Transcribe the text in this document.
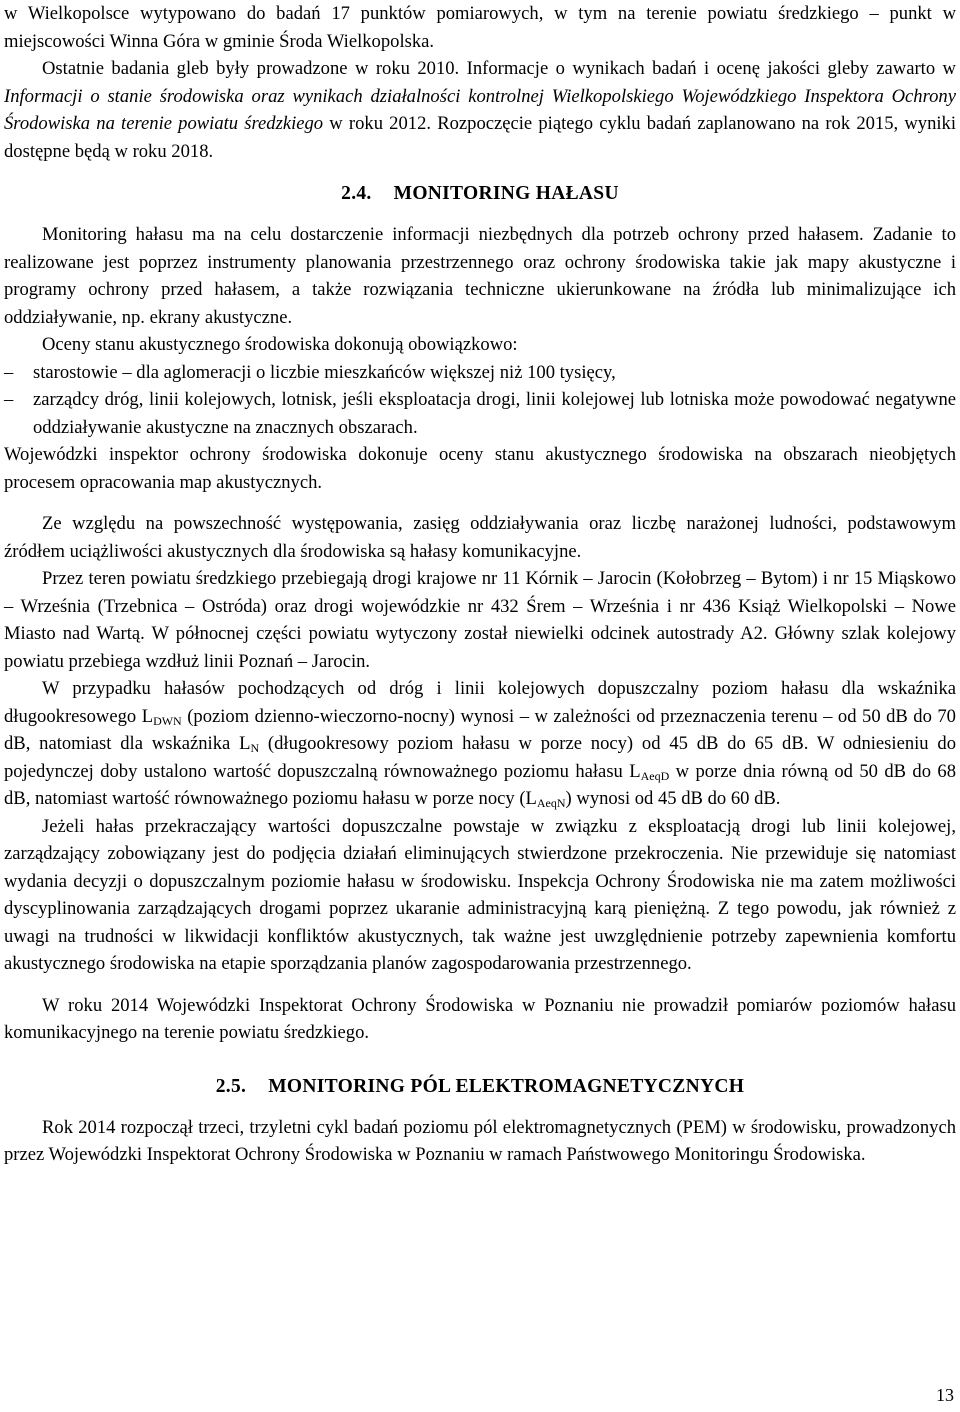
w Wielkopolsce wytypowano do badań 17 punktów pomiarowych, w tym na terenie powiatu średzkiego – punkt w miejscowości Winna Góra w gminie Środa Wielkopolska.

Ostatnie badania gleb były prowadzone w roku 2010. Informacje o wynikach badań i ocenę jakości gleby zawarto w Informacji o stanie środowiska oraz wynikach działalności kontrolnej Wielkopolskiego Wojewódzkiego Inspektora Ochrony Środowiska na terenie powiatu średzkiego w roku 2012. Rozpoczęcie piątego cyklu badań zaplanowano na rok 2015, wyniki dostępne będą w roku 2018.

2.4. MONITORING HAŁASU

Monitoring hałasu ma na celu dostarczenie informacji niezbędnych dla potrzeb ochrony przed hałasem. Zadanie to realizowane jest poprzez instrumenty planowania przestrzennego oraz ochrony środowiska takie jak mapy akustyczne i programy ochrony przed hałasem, a także rozwiązania techniczne ukierunkowane na źródła lub minimalizujące ich oddziaływanie, np. ekrany akustyczne.

Oceny stanu akustycznego środowiska dokonują obowiązkowo:

– starostowie – dla aglomeracji o liczbie mieszkańców większej niż 100 tysięcy,
– zarządcy dróg, linii kolejowych, lotnisk, jeśli eksploatacja drogi, linii kolejowej lub lotniska może powodować negatywne oddziaływanie akustyczne na znacznych obszarach.

Wojewódzki inspektor ochrony środowiska dokonuje oceny stanu akustycznego środowiska na obszarach nieobjętych procesem opracowania map akustycznych.

Ze względu na powszechność występowania, zasięg oddziaływania oraz liczbę narażonej ludności, podstawowym źródłem uciążliwości akustycznych dla środowiska są hałasy komunikacyjne.

Przez teren powiatu średzkiego przebiegają drogi krajowe nr 11 Kórnik – Jarocin (Kołobrzeg – Bytom) i nr 15 Miąskowo – Września (Trzebnica – Ostróda) oraz drogi wojewódzkie nr 432 Śrem – Września i nr 436 Książ Wielkopolski – Nowe Miasto nad Wartą. W północnej części powiatu wytyczony został niewielki odcinek autostrady A2. Główny szlak kolejowy powiatu przebiega wzdłuż linii Poznań – Jarocin.

W przypadku hałasów pochodzących od dróg i linii kolejowych dopuszczalny poziom hałasu dla wskaźnika długookresowego $L_{DWN}$ (poziom dzienno-wieczorno-nocny) wynosi – w zależności od przeznaczenia terenu – od 50 dB do 70 dB, natomiast dla wskaźnika $L_N$ (długookresowy poziom hałasu w porze nocy) od 45 dB do 65 dB. W odniesieniu do pojedynczej doby ustalono wartość dopuszczalną równoważnego poziomu hałasu $L_{AeqD}$ w porze dnia równą od 50 dB do 68 dB, natomiast wartość równoważnego poziomu hałasu w porze nocy $(L_{AeqN})$ wynosi od 45 dB do 60 dB.

Jeżeli hałas przekraczający wartości dopuszczalne powstaje w związku z eksploatacją drogi lub linii kolejowej, zarządzający zobowiązany jest do podjęcia działań eliminujących stwierdzone przekroczenia. Nie przewiduje się natomiast wydania decyzji o dopuszczalnym poziomie hałasu w środowisku. Inspekcja Ochrony Środowiska nie ma zatem możliwości dyscyplinowania zarządzających drogami poprzez ukaranie administracyjną karą pieniężną. Z tego powodu, jak również z uwagi na trudności w likwidacji konfliktów akustycznych, tak ważne jest uwzględnienie potrzeby zapewnienia komfortu akustycznego środowiska na etapie sporządzania planów zagospodarowania przestrzennego.

W roku 2014 Wojewódzki Inspektorat Ochrony Środowiska w Poznaniu nie prowadził pomiarów poziomów hałasu komunikacyjnego na terenie powiatu średzkiego.

2.5. MONITORING PÓL ELEKTROMAGNETYCZNYCH

Rok 2014 rozpoczął trzeci, trzyletni cykl badań poziomu pól elektromagnetycznych (PEM) w środowisku, prowadzonych przez Wojewódzki Inspektorat Ochrony Środowiska w Poznaniu w ramach Państwowego Monitoringu Środowiska.

13
